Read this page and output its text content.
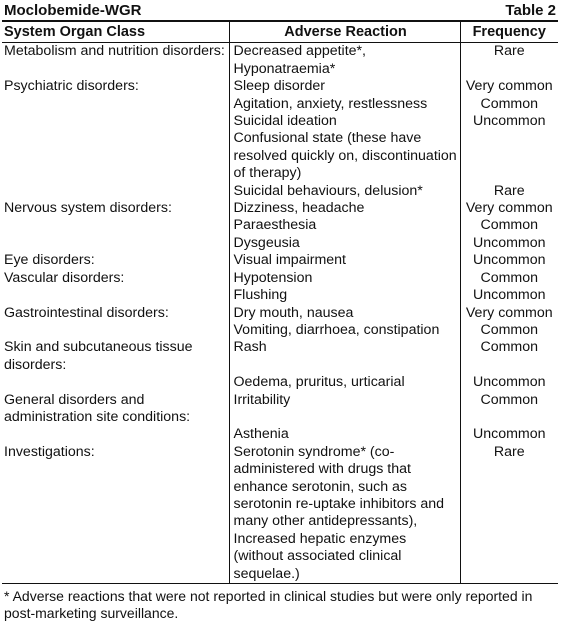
Moclobemide-WGR	Table 2
System Organ Class	Adverse Reaction	Frequency
Metabolism and nutrition disorders:	Decreased appetite*, Hyponatraemia*	Rare
Psychiatric disorders:	Sleep disorder	Very common
	Agitation, anxiety, restlessness	Common
	Suicidal ideation	Uncommon
	Confusional state (these have resolved quickly on, discontinuation of therapy)	
	Suicidal behaviours, delusion*	Rare
Nervous system disorders:	Dizziness, headache	Very common
	Paraesthesia	Common
	Dysgeusia	Uncommon
Eye disorders:	Visual impairment	Uncommon
Vascular disorders:	Hypotension	Common
	Flushing	Uncommon
Gastrointestinal disorders:	Dry mouth, nausea	Very common
	Vomiting, diarrhoea, constipation	Common
Skin and subcutaneous tissue disorders:	Rash	Common
	Oedema, pruritus, urticarial	Uncommon
General disorders and administration site conditions:	Irritability	Common
	Asthenia	Uncommon
Investigations:	Serotonin syndrome* (co-administered with drugs that enhance serotonin, such as serotonin re-uptake inhibitors and many other antidepressants), Increased hepatic enzymes (without associated clinical sequelae.)	Rare
* Adverse reactions that were not reported in clinical studies but were only reported in post-marketing surveillance.
